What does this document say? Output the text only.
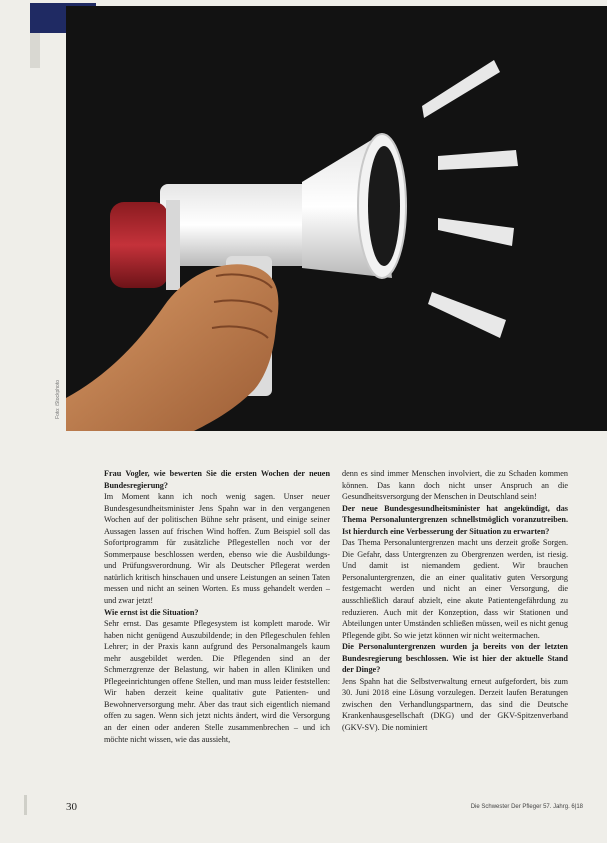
Foto: iStockphoto

Frau Vogler, wie bewerten Sie die ersten Wochen der neuen Bundesregierung?

Im Moment kann ich noch wenig sagen. Unser neuer Bundesgesundheitsminister Jens Spahn war in den vergangenen Wochen auf der politischen Bühne sehr präsent, und einige seiner Aussagen lassen auf frischen Wind hoffen. Zum Beispiel soll das Sofortprogramm für zusätzliche Pflegestellen noch vor der Sommerpause beschlossen werden, ebenso wie die Ausbildungs- und Prüfungsverordnung. Wir als Deutscher Pflegerat werden natürlich kritisch hinschauen und unsere Leistungen an seinen Taten messen und nicht an seinen Worten. Es muss gehandelt werden – und zwar jetzt!

Wie ernst ist die Situation?

Sehr ernst. Das gesamte Pflegesystem ist komplett marode. Wir haben nicht genügend Auszubildende; in den Pflegeschulen fehlen Lehrer; in der Praxis kann aufgrund des Personalmangels kaum mehr ausgebildet werden. Die Pflegenden sind an der Schmerzgrenze der Belastung, wir haben in allen Kliniken und Pflegeeinrichtungen offene Stellen, und man muss leider feststellen: Wir haben derzeit keine qualitativ gute Patienten- und Bewohnerversorgung mehr. Aber das traut sich eigentlich niemand offen zu sagen. Wenn sich jetzt nichts ändert, wird die Versorgung an der einen oder anderen Stelle zusammenbrechen – und ich möchte nicht wissen, wie das aussieht,

denn es sind immer Menschen involviert, die zu Schaden kommen können. Das kann doch nicht unser Anspruch an die Gesundheitsversorgung der Menschen in Deutschland sein!

Der neue Bundesgesundheitsminister hat angekündigt, das Thema Personaluntergrenzen schnellstmöglich voranzutreiben. Ist hierdurch eine Verbesserung der Situation zu erwarten?

Das Thema Personaluntergrenzen macht uns derzeit große Sorgen. Die Gefahr, dass Untergrenzen zu Obergrenzen werden, ist riesig. Und damit ist niemandem gedient. Wir brauchen Personaluntergrenzen, die an einer qualitativ guten Versorgung festgemacht werden und nicht an einer Versorgung, die ausschließlich darauf abzielt, eine akute Patientengefährdung zu reduzieren. Auch mit der Konzeption, dass wir Stationen und Abteilungen unter Umständen schließen müssen, weil es nicht genug Pflegende gibt. So wie jetzt können wir nicht weitermachen.

Die Personaluntergrenzen wurden ja bereits von der letzten Bundesregierung beschlossen. Wie ist hier der aktuelle Stand der Dinge?

Jens Spahn hat die Selbstverwaltung erneut aufgefordert, bis zum 30. Juni 2018 eine Lösung vorzulegen. Derzeit laufen Beratungen zwischen den Verhandlungspartnern, das sind die Deutsche Krankenhausgesellschaft (DKG) und der GKV-Spitzenverband (GKV-SV). Die nominiert

30	Die Schwester Der Pfleger 57. Jahrg. 6|18
